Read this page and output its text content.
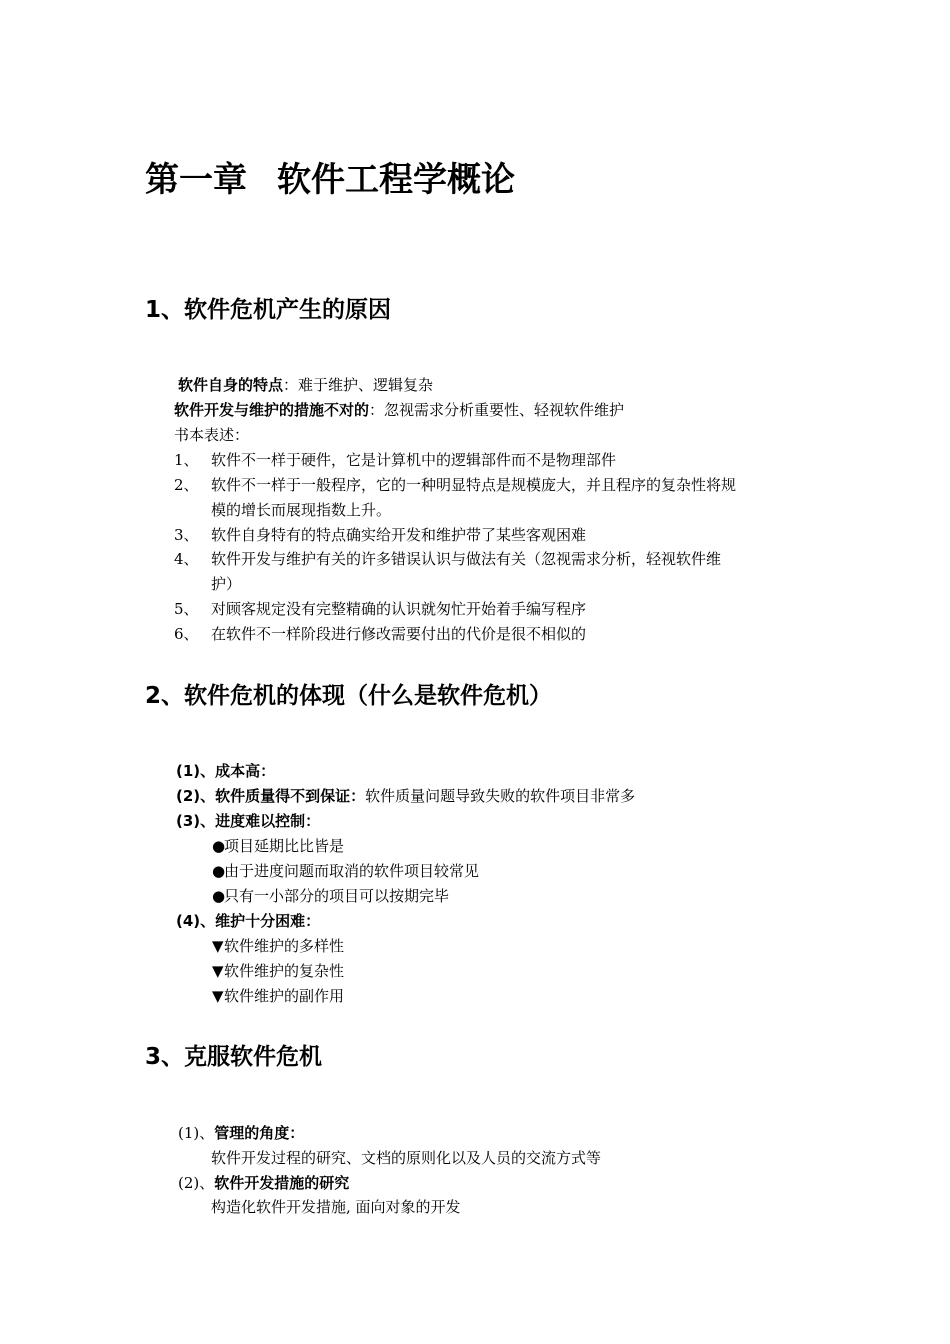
第一章 软件工程学概论
1、软件危机产生的原因
软件自身的特点：难于维护、逻辑复杂
软件开发与维护的措施不对的：忽视需求分析重要性、轻视软件维护
书本表述：
1、 软件不一样于硬件，它是计算机中的逻辑部件而不是物理部件
2、 软件不一样于一般程序，它的一种明显特点是规模庞大，并且程序的复杂性将规
模的增长而展现指数上升。
3、 软件自身特有的特点确实给开发和维护带了某些客观困难
4、 软件开发与维护有关的许多错误认识与做法有关（忽视需求分析，轻视软件维
护）
5、 对顾客规定没有完整精确的认识就匆忙开始着手编写程序
6、 在软件不一样阶段进行修改需要付出的代价是很不相似的
2、软件危机的体现（什么是软件危机）
(1)、成本高：
(2)、软件质量得不到保证：软件质量问题导致失败的软件项目非常多
(3)、进度难以控制：
●项目延期比比皆是
●由于进度问题而取消的软件项目较常见
●只有一小部分的项目可以按期完毕
(4)、维护十分困难：
▼软件维护的多样性
▼软件维护的复杂性
▼软件维护的副作用
3、克服软件危机
(1)、管理的角度：
软件开发过程的研究、文档的原则化以及人员的交流方式等
(2)、软件开发措施的研究
构造化软件开发措施, 面向对象的开发
